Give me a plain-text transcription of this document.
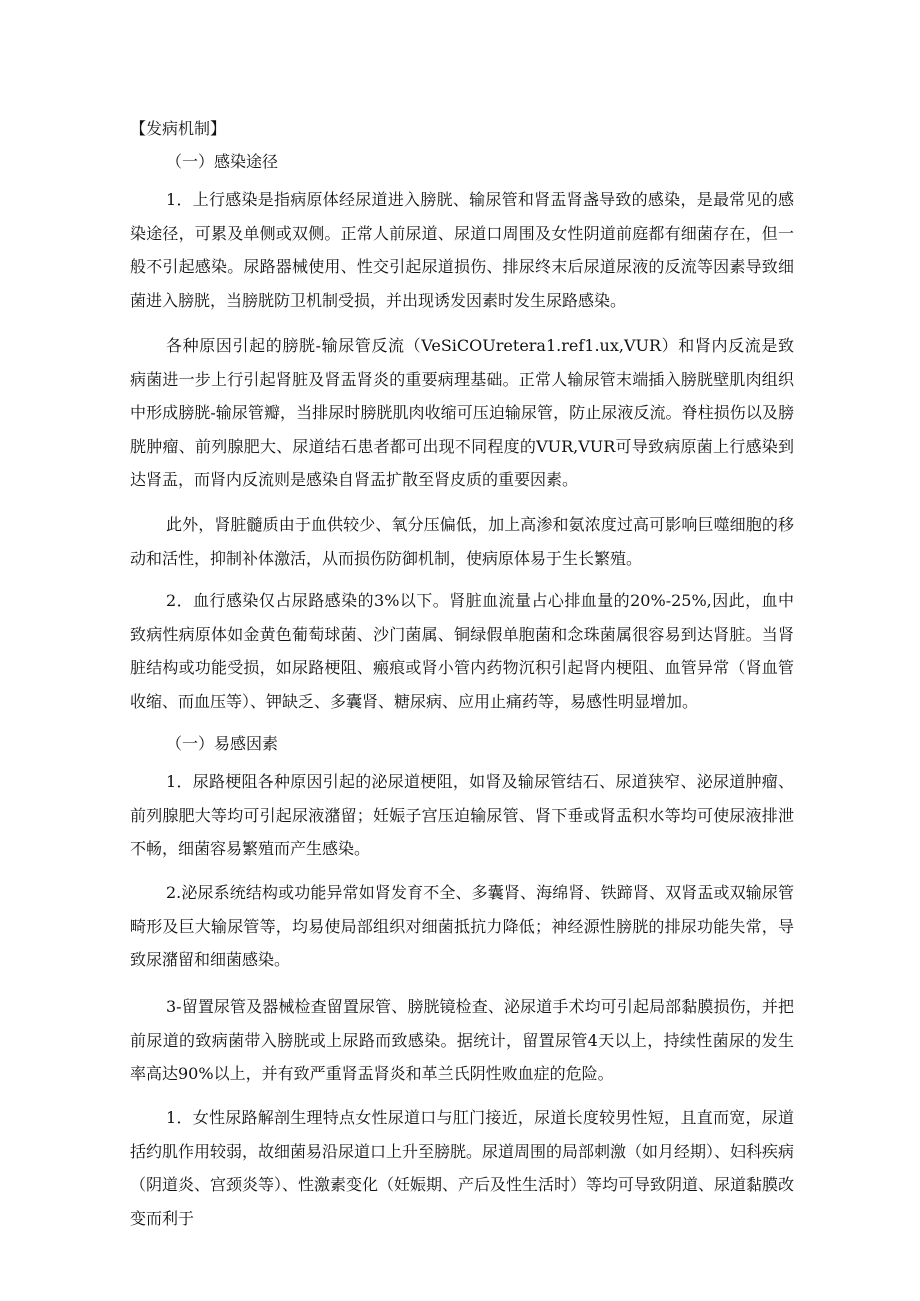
【发病机制】
（一）感染途径

1．上行感染是指病原体经尿道进入膀胱、输尿管和肾盂肾盏导致的感染，是最常见的感染途径，可累及单侧或双侧。正常人前尿道、尿道口周围及女性阴道前庭都有细菌存在，但一般不引起感染。尿路器械使用、性交引起尿道损伤、排尿终末后尿道尿液的反流等因素导致细菌进入膀胱，当膀胱防卫机制受损，并出现诱发因素时发生尿路感染。

各种原因引起的膀胱-输尿管反流（VeSiCOUretera1.ref1.ux,VUR）和肾内反流是致病菌进一步上行引起肾脏及肾盂肾炎的重要病理基础。正常人输尿管末端插入膀胱壁肌肉组织中形成膀胱-输尿管瓣，当排尿时膀胱肌肉收缩可压迫输尿管，防止尿液反流。脊柱损伤以及膀胱肿瘤、前列腺肥大、尿道结石患者都可出现不同程度的VUR,VUR可导致病原菌上行感染到达肾盂，而肾内反流则是感染自肾盂扩散至肾皮质的重要因素。

此外，肾脏髓质由于血供较少、氧分压偏低，加上高渗和氨浓度过高可影响巨噬细胞的移动和活性，抑制补体激活，从而损伤防御机制，使病原体易于生长繁殖。

2．血行感染仅占尿路感染的3%以下。肾脏血流量占心排血量的20%-25%,因此，血中致病性病原体如金黄色葡萄球菌、沙门菌属、铜绿假单胞菌和念珠菌属很容易到达肾脏。当肾脏结构或功能受损，如尿路梗阻、瘢痕或肾小管内药物沉积引起肾内梗阻、血管异常（肾血管收缩、而血压等）、钾缺乏、多囊肾、糖尿病、应用止痛药等，易感性明显增加。

（一）易感因素

1．尿路梗阻各种原因引起的泌尿道梗阻，如肾及输尿管结石、尿道狭窄、泌尿道肿瘤、前列腺肥大等均可引起尿液潴留；妊娠子宫压迫输尿管、肾下垂或肾盂积水等均可使尿液排泄不畅，细菌容易繁殖而产生感染。

2.泌尿系统结构或功能异常如肾发育不全、多囊肾、海绵肾、铁蹄肾、双肾盂或双输尿管畸形及巨大输尿管等，均易使局部组织对细菌抵抗力降低；神经源性膀胱的排尿功能失常，导致尿潴留和细菌感染。

3-留置尿管及器械检查留置尿管、膀胱镜检查、泌尿道手术均可引起局部黏膜损伤，并把前尿道的致病菌带入膀胱或上尿路而致感染。据统计，留置尿管4天以上，持续性菌尿的发生率高达90%以上，并有致严重肾盂肾炎和革兰氏阴性败血症的危险。

1．女性尿路解剖生理特点女性尿道口与肛门接近，尿道长度较男性短，且直而宽，尿道括约肌作用较弱，故细菌易沿尿道口上升至膀胱。尿道周围的局部刺激（如月经期）、妇科疾病（阴道炎、宫颈炎等）、性激素变化（妊娠期、产后及性生活时）等均可导致阴道、尿道黏膜改变而利于
